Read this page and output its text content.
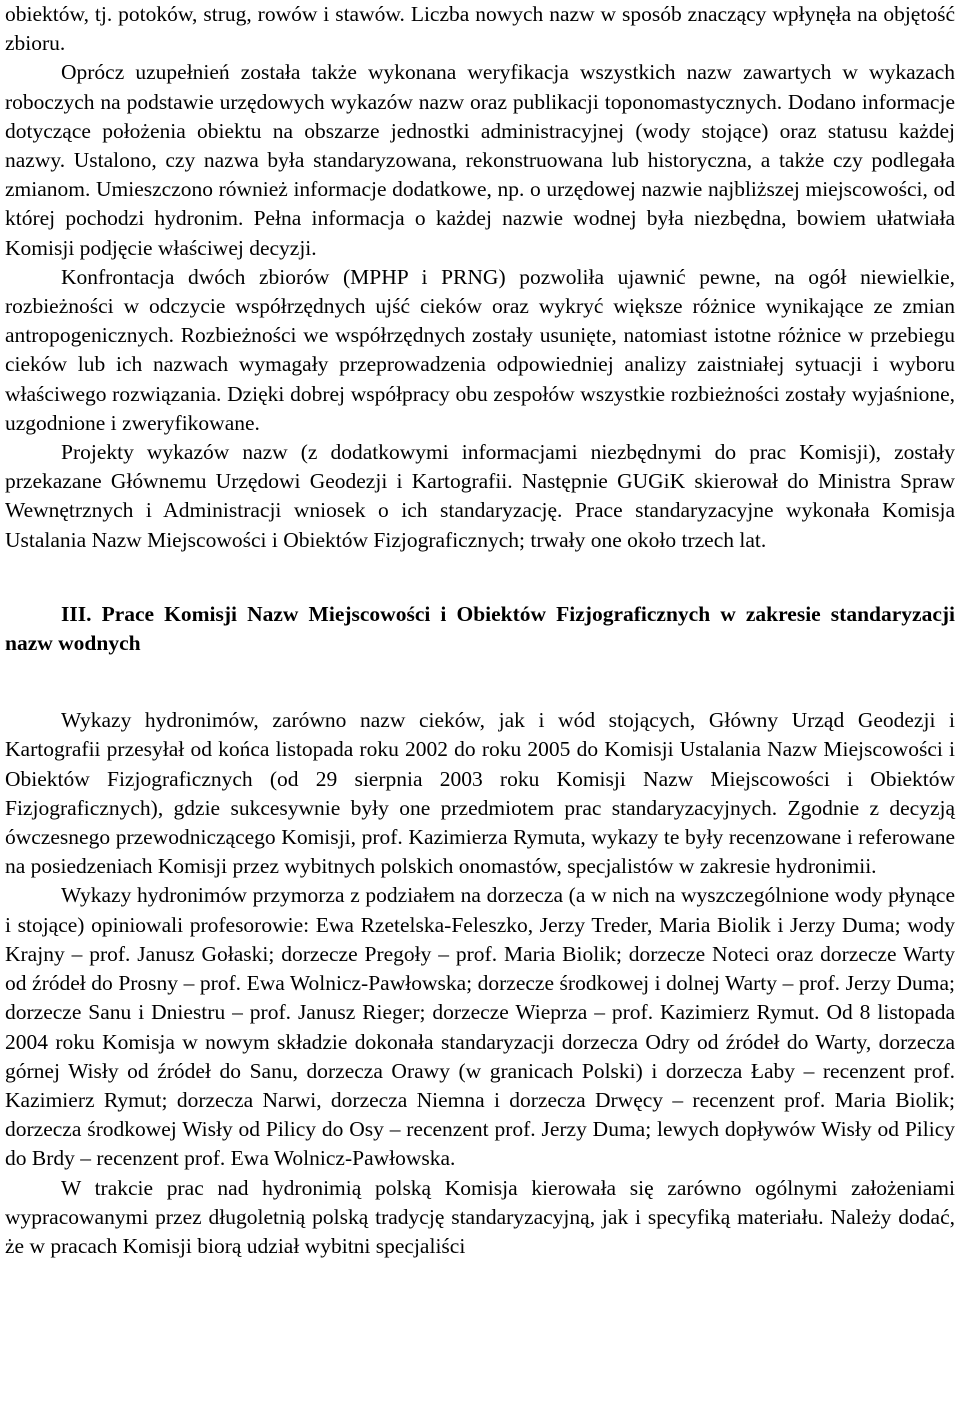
obiektów, tj. potoków, strug, rowów i stawów. Liczba nowych nazw w sposób znaczący wpłynęła na objętość zbioru.

Oprócz uzupełnień została także wykonana weryfikacja wszystkich nazw zawartych w wykazach roboczych na podstawie urzędowych wykazów nazw oraz publikacji toponomastycznych. Dodano informacje dotyczące położenia obiektu na obszarze jednostki administracyjnej (wody stojące) oraz statusu każdej nazwy. Ustalono, czy nazwa była standaryzowana, rekonstruowana lub historyczna, a także czy podlegała zmianom. Umieszczono również informacje dodatkowe, np. o urzędowej nazwie najbliższej miejscowości, od której pochodzi hydronim. Pełna informacja o każdej nazwie wodnej była niezbędna, bowiem ułatwiała Komisji podjęcie właściwej decyzji.

Konfrontacja dwóch zbiorów (MPHP i PRNG) pozwoliła ujawnić pewne, na ogół niewielkie, rozbieżności w odczycie współrzędnych ujść cieków oraz wykryć większe różnice wynikające ze zmian antropogenicznych. Rozbieżności we współrzędnych zostały usunięte, natomiast istotne różnice w przebiegu cieków lub ich nazwach wymagały przeprowadzenia odpowiedniej analizy zaistniałej sytuacji i wyboru właściwego rozwiązania. Dzięki dobrej współpracy obu zespołów wszystkie rozbieżności zostały wyjaśnione, uzgodnione i zweryfikowane.

Projekty wykazów nazw (z dodatkowymi informacjami niezbędnymi do prac Komisji), zostały przekazane Głównemu Urzędowi Geodezji i Kartografii. Następnie GUGiK skierował do Ministra Spraw Wewnętrznych i Administracji wniosek o ich standaryzację. Prace standaryzacyjne wykonała Komisja Ustalania Nazw Miejscowości i Obiektów Fizjograficznych; trwały one około trzech lat.

III. Prace Komisji Nazw Miejscowości i Obiektów Fizjograficznych w zakresie standaryzacji nazw wodnych

Wykazy hydronimów, zarówno nazw cieków, jak i wód stojących, Główny Urząd Geodezji i Kartografii przesyłał od końca listopada roku 2002 do roku 2005 do Komisji Ustalania Nazw Miejscowości i Obiektów Fizjograficznych (od 29 sierpnia 2003 roku Komisji Nazw Miejscowości i Obiektów Fizjograficznych), gdzie sukcesywnie były one przedmiotem prac standaryzacyjnych. Zgodnie z decyzją ówczesnego przewodniczącego Komisji, prof. Kazimierza Rymuta, wykazy te były recenzowane i referowane na posiedzeniach Komisji przez wybitnych polskich onomastów, specjalistów w zakresie hydronimii.

Wykazy hydronimów przymorza z podziałem na dorzecza (a w nich na wyszczególnione wody płynące i stojące) opiniowali profesorowie: Ewa Rzetelska-Feleszko, Jerzy Treder, Maria Biolik i Jerzy Duma; wody Krajny – prof. Janusz Gołaski; dorzecze Pregoły – prof. Maria Biolik; dorzecze Noteci oraz dorzecze Warty od źródeł do Prosny – prof. Ewa Wolnicz-Pawłowska; dorzecze środkowej i dolnej Warty – prof. Jerzy Duma; dorzecze Sanu i Dniestru – prof. Janusz Rieger; dorzecze Wieprza – prof. Kazimierz Rymut. Od 8 listopada 2004 roku Komisja w nowym składzie dokonała standaryzacji dorzecza Odry od źródeł do Warty, dorzecza górnej Wisły od źródeł do Sanu, dorzecza Orawy (w granicach Polski) i dorzecza Łaby – recenzent prof. Kazimierz Rymut; dorzecza Narwi, dorzecza Niemna i dorzecza Drwęcy – recenzent prof. Maria Biolik; dorzecza środkowej Wisły od Pilicy do Osy – recenzent prof. Jerzy Duma; lewych dopływów Wisły od Pilicy do Brdy – recenzent prof. Ewa Wolnicz-Pawłowska.

W trakcie prac nad hydronimią polską Komisja kierowała się zarówno ogólnymi założeniami wypracowanymi przez długoletnią polską tradycję standaryzacyjną, jak i specyfiką materiału. Należy dodać, że w pracach Komisji biorą udział wybitni specjaliści
